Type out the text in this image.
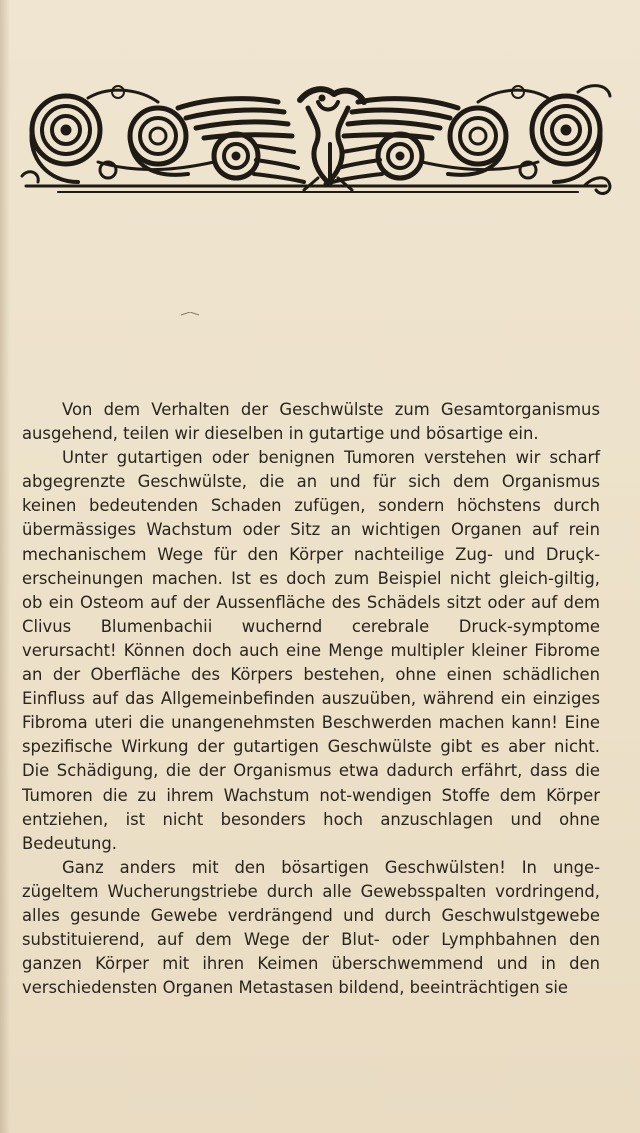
Von dem Verhalten der Geschwülste zum Gesamtorganismus ausgehend, teilen wir dieselben in gutartige und bösartige ein.

Unter gutartigen oder benignen Tumoren verstehen wir scharf abgegrenzte Geschwülste, die an und für sich dem Organismus keinen bedeutenden Schaden zufügen, sondern höchstens durch übermässiges Wachstum oder Sitz an wichtigen Organen auf rein mechanischem Wege für den Körper nachteilige Zug- und Druçk-erscheinungen machen. Ist es doch zum Beispiel nicht gleich-giltig, ob ein Osteom auf der Aussenfläche des Schädels sitzt oder auf dem Clivus Blumenbachii wuchernd cerebrale Druck-symptome verursacht! Können doch auch eine Menge multipler kleiner Fibrome an der Oberfläche des Körpers bestehen, ohne einen schädlichen Einfluss auf das Allgemeinbefinden auszuüben, während ein einziges Fibroma uteri die unangenehmsten Beschwerden machen kann! Eine spezifische Wirkung der gutartigen Geschwülste gibt es aber nicht. Die Schädigung, die der Organismus etwa dadurch erfährt, dass die Tumoren die zu ihrem Wachstum not-wendigen Stoffe dem Körper entziehen, ist nicht besonders hoch anzuschlagen und ohne Bedeutung.

Ganz anders mit den bösartigen Geschwülsten! In unge-zügeltem Wucherungstriebe durch alle Gewebsspalten vordringend, alles gesunde Gewebe verdrängend und durch Geschwulstgewebe substituierend, auf dem Wege der Blut- oder Lymphbahnen den ganzen Körper mit ihren Keimen überschwemmend und in den verschiedensten Organen Metastasen bildend, beeinträchtigen sie
